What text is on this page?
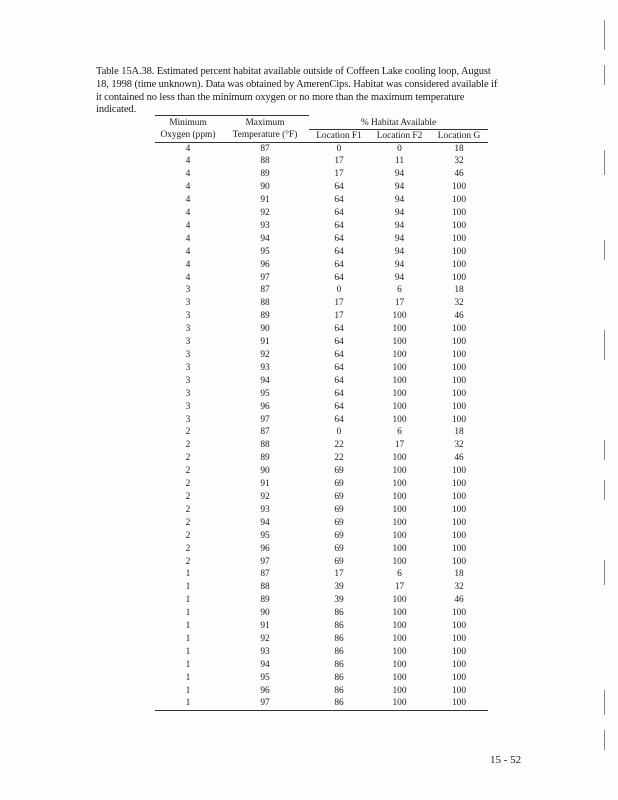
Table 15A.38. Estimated percent habitat available outside of Coffeen Lake cooling loop, August

18, 1998 (time unknown). Data was obtained by AmerenCips. Habitat was considered available if

it contained no less than the minimum oxygen or no more than the maximum temperature

indicated.

Minimum	Maximum	% Habitat Available		
Oxygen (ppm)	Temperature (°F)	Location F1	Location F2	Location G
4	87	0	0	18
4	88	17	11	32
4	89	17	94	46
4	90	64	94	100
4	91	64	94	100
4	92	64	94	100
4	93	64	94	100
4	94	64	94	100
4	95	64	94	100
4	96	64	94	100
4	97	64	94	100
3	87	0	6	18
3	88	17	17	32
3	89	17	100	46
3	90	64	100	100
3	91	64	100	100
3	92	64	100	100
3	93	64	100	100
3	94	64	100	100
3	95	64	100	100
3	96	64	100	100
3	97	64	100	100
2	87	0	6	18
2	88	22	17	32
2	89	22	100	46
2	90	69	100	100
2	91	69	100	100
2	92	69	100	100
2	93	69	100	100
2	94	69	100	100
2	95	69	100	100
2	96	69	100	100
2	97	69	100	100
1	87	17	6	18
1	88	39	17	32
1	89	39	100	46
1	90	86	100	100
1	91	86	100	100
1	92	86	100	100
1	93	86	100	100
1	94	86	100	100
1	95	86	100	100
1	96	86	100	100
1	97	86	100	100
15 - 52
